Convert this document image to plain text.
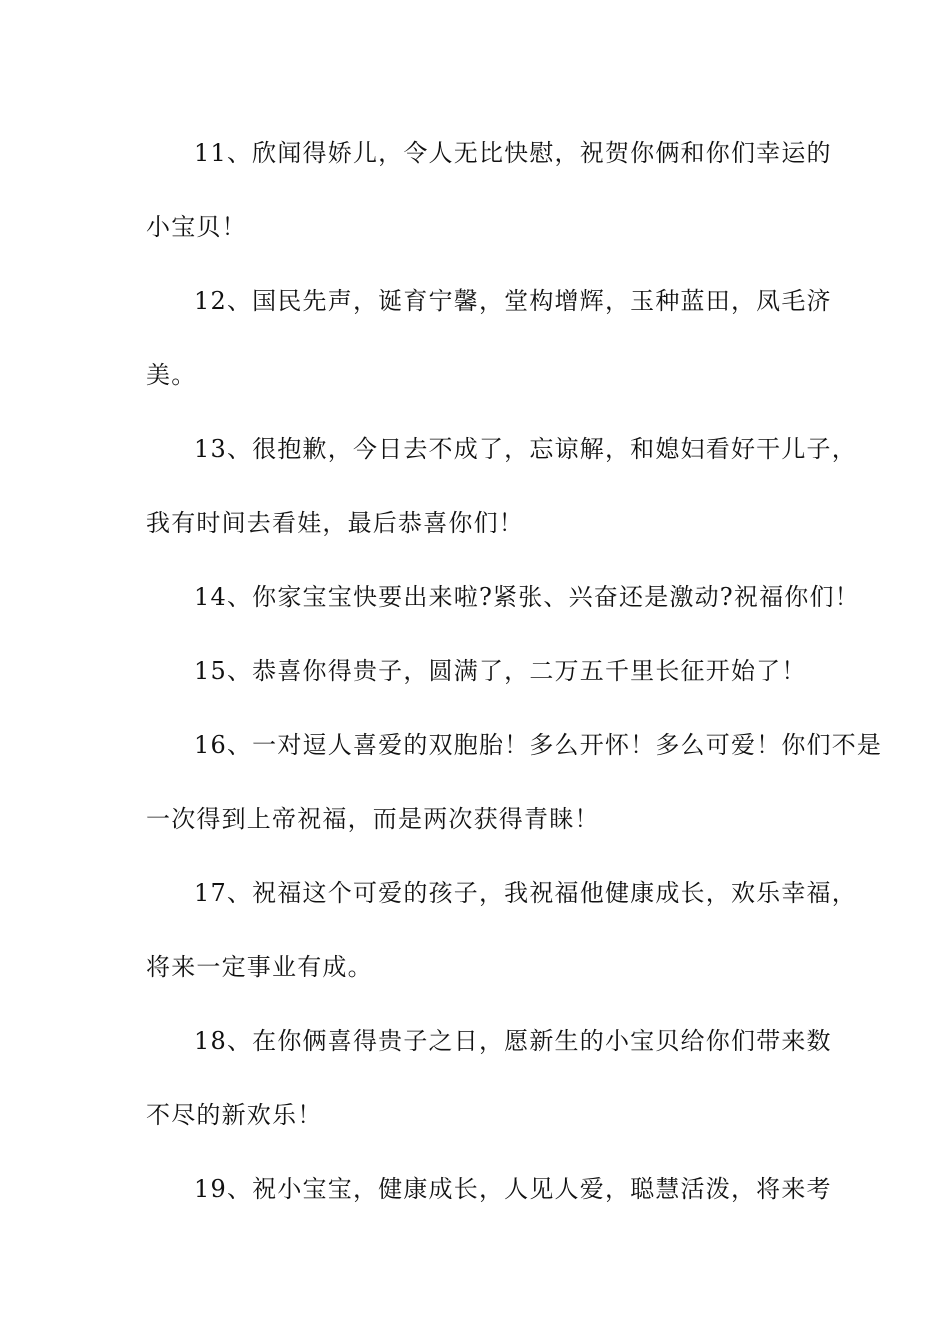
11、欣闻得娇儿，令人无比快慰，祝贺你俩和你们幸运的
小宝贝！
12、国民先声，诞育宁馨，堂构增辉，玉种蓝田，凤毛济
美。
13、很抱歉，今日去不成了，忘谅解，和媳妇看好干儿子，
我有时间去看娃，最后恭喜你们！
14、你家宝宝快要出来啦?紧张、兴奋还是激动?祝福你们！
15、恭喜你得贵子，圆满了，二万五千里长征开始了！
16、一对逗人喜爱的双胞胎！多么开怀！多么可爱！你们不是
一次得到上帝祝福，而是两次获得青睐！
17、祝福这个可爱的孩子，我祝福他健康成长，欢乐幸福，
将来一定事业有成。
18、在你俩喜得贵子之日，愿新生的小宝贝给你们带来数
不尽的新欢乐！
19、祝小宝宝，健康成长，人见人爱，聪慧活泼，将来考
